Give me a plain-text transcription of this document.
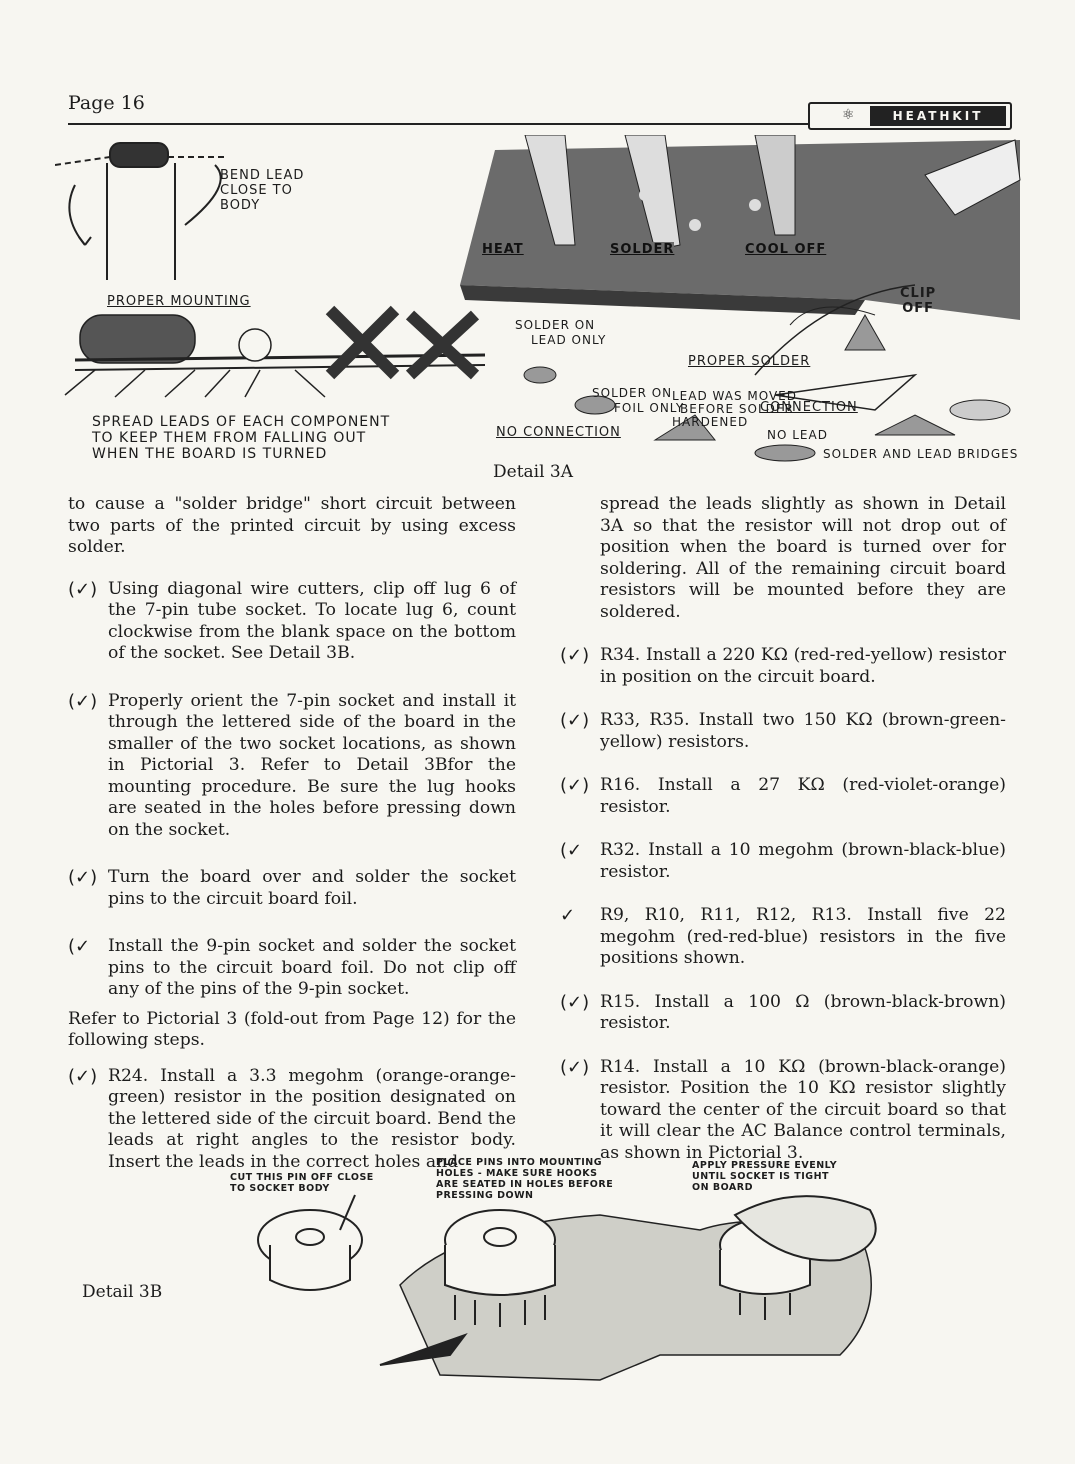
Page 16
⚛	HEATHKIT
BEND LEAD
CLOSE TO
BODY
PROPER MOUNTING
SPREAD LEADS OF EACH COMPONENT
TO KEEP THEM FROM FALLING OUT
WHEN THE BOARD IS TURNED
HEAT	SOLDER	COOL OFF
CLIP
OFF
SOLDER ON
LEAD ONLY
SOLDER ON
FOIL ONLY
PROPER SOLDER
CONNECTION
LEAD WAS MOVED
BEFORE SOLDER
HARDENED
NO CONNECTION	NO LEAD
SOLDER AND LEAD BRIDGES
Detail 3A

to cause a "solder bridge" short circuit between two parts of the printed circuit by using excess solder.

(✓) Using diagonal wire cutters, clip off lug 6 of the 7-pin tube socket. To locate lug 6, count clockwise from the blank space on the bottom of the socket. See Detail 3B.

(✓) Properly orient the 7-pin socket and install it through the lettered side of the board in the smaller of the two socket locations, as shown in Pictorial 3. Refer to Detail 3Bfor the mounting procedure. Be sure the lug hooks are seated in the holes before pressing down on the socket.

(✓) Turn the board over and solder the socket pins to the circuit board foil.

(✓ Install the 9-pin socket and solder the socket pins to the circuit board foil. Do not clip off any of the pins of the 9-pin socket.

Refer to Pictorial 3 (fold-out from Page 12) for the following steps.

(✓) R24. Install a 3.3 megohm (orange-orange-green) resistor in the position designated on the lettered side of the circuit board. Bend the leads at right angles to the resistor body. Insert the leads in the correct holes and

spread the leads slightly as shown in Detail 3A so that the resistor will not drop out of position when the board is turned over for soldering. All of the remaining circuit board resistors will be mounted before they are soldered.

(✓) R34. Install a 220 KΩ (red-red-yellow) resistor in position on the circuit board.

(✓) R33, R35. Install two 150 KΩ (brown-green-yellow) resistors.

(✓) R16. Install a 27 KΩ (red-violet-orange) resistor.

(✓ R32. Install a 10 megohm (brown-black-blue) resistor.

✓ R9, R10, R11, R12, R13. Install five 22 megohm (red-red-blue) resistors in the five positions shown.

(✓) R15. Install a 100 Ω (brown-black-brown) resistor.

(✓) R14. Install a 10 KΩ (brown-black-orange) resistor. Position the 10 KΩ resistor slightly toward the center of the circuit board so that it will clear the AC Balance control terminals, as shown in Pictorial 3.

CUT THIS PIN OFF CLOSE
TO SOCKET BODY
PLACE PINS INTO MOUNTING
HOLES - MAKE SURE HOOKS
ARE SEATED IN HOLES BEFORE
PRESSING DOWN
APPLY PRESSURE EVENLY
UNTIL SOCKET IS TIGHT
ON BOARD
Detail 3B
